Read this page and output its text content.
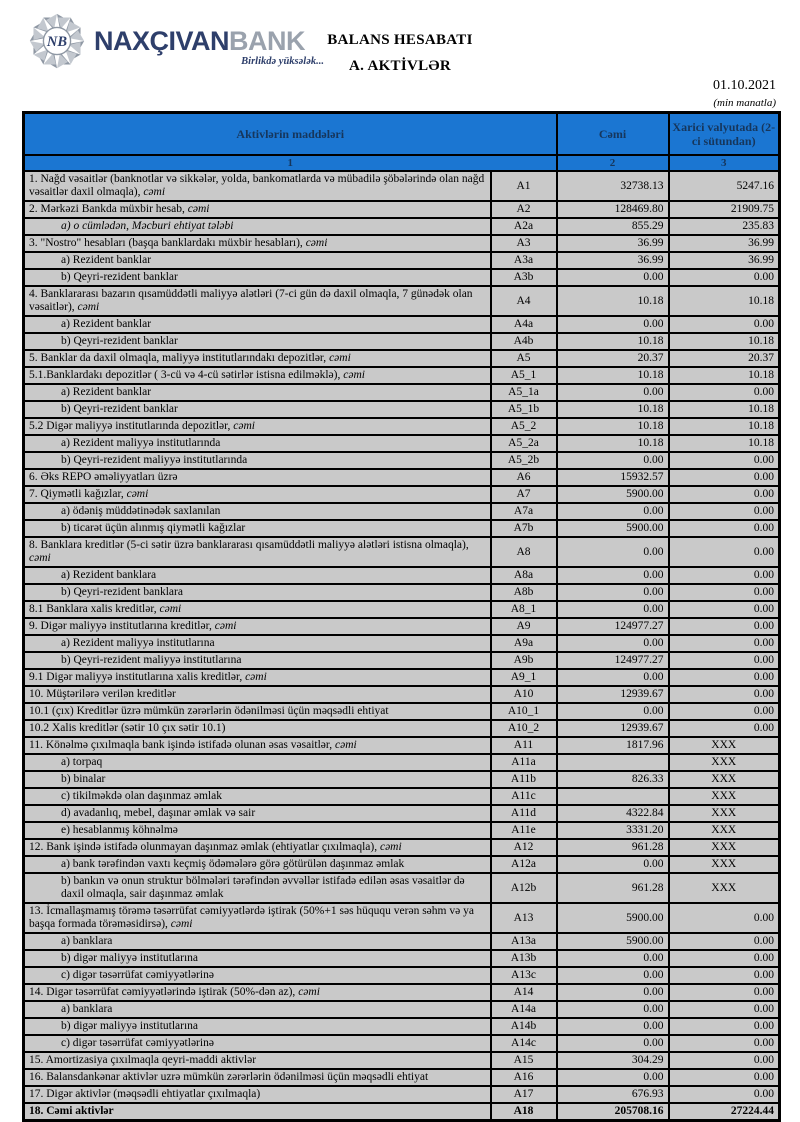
NB NAXÇIVANBANK
Birlikdə yüksələk...
BALANS HESABATI
A. AKTİVLƏR
01.10.2021
(min manatla)
Aktivlərin maddələri		Cəmi	Xarici valyutada (2-ci sütundan)
1		2	3
1. Nağd vəsaitlər (banknotlar və sikkələr, yolda, bankomatlarda və mübadilə şöbələrində olan nağd vəsaitlər daxil olmaqla), cəmi	A1	32738.13	5247.16
2. Mərkəzi Bankda müxbir hesab, cəmi	A2	128469.80	21909.75
a) o cümlədən, Məcburi ehtiyat tələbi	A2a	855.29	235.83
3. "Nostro" hesabları (başqa banklardakı müxbir hesabları), cəmi	A3	36.99	36.99
a) Rezident banklar	A3a	36.99	36.99
b) Qeyri-rezident banklar	A3b	0.00	0.00
4. Banklararası bazarın qısamüddətli maliyyə alətləri (7-ci gün də daxil olmaqla, 7 günədək olan vəsaitlər), cəmi	A4	10.18	10.18
a) Rezident banklar	A4a	0.00	0.00
b) Qeyri-rezident banklar	A4b	10.18	10.18
5. Banklar da daxil olmaqla, maliyyə institutlarındakı depozitlər, cəmi	A5	20.37	20.37
5.1.Banklardakı depozitlər ( 3-cü və 4-cü sətirlər istisna edilməklə), cəmi	A5_1	10.18	10.18
a) Rezident banklar	A5_1a	0.00	0.00
b) Qeyri-rezident banklar	A5_1b	10.18	10.18
5.2 Digər maliyyə institutlarında depozitlər, cəmi	A5_2	10.18	10.18
a) Rezident maliyyə institutlarında	A5_2a	10.18	10.18
b) Qeyri-rezident maliyyə institutlarında	A5_2b	0.00	0.00
6. Əks REPO əməliyyatları üzrə	A6	15932.57	0.00
7. Qiymətli kağızlar, cəmi	A7	5900.00	0.00
a) ödəniş müddətinədək saxlanılan	A7a	0.00	0.00
b) ticarət üçün alınmış qiymətli kağızlar	A7b	5900.00	0.00
8. Banklara kreditlər (5-ci sətir üzrə banklararası qısamüddətli maliyyə alətləri istisna olmaqla), cəmi	A8	0.00	0.00
a) Rezident banklara	A8a	0.00	0.00
b) Qeyri-rezident banklara	A8b	0.00	0.00
8.1 Banklara xalis kreditlər, cəmi	A8_1	0.00	0.00
9. Digər maliyyə institutlarına kreditlər, cəmi	A9	124977.27	0.00
a) Rezident maliyyə institutlarına	A9a	0.00	0.00
b) Qeyri-rezident maliyyə institutlarına	A9b	124977.27	0.00
9.1 Digər maliyyə institutlarına xalis kreditlər, cəmi	A9_1	0.00	0.00
10. Müştərilərə verilən kreditlər	A10	12939.67	0.00
10.1 (çıx) Kreditlər üzrə mümkün zərərlərin ödənilməsi üçün məqsədli ehtiyat	A10_1	0.00	0.00
10.2 Xalis kreditlər (sətir 10 çıx sətir 10.1)	A10_2	12939.67	0.00
11. Könəlmə çıxılmaqla bank işində istifadə olunan əsas vəsaitlər, cəmi	A11	1817.96	XXX
a) torpaq	A11a		XXX
b) binalar	A11b	826.33	XXX
c) tikilməkdə olan daşınmaz əmlak	A11c		XXX
d) avadanlıq, mebel, daşınar əmlak və sair	A11d	4322.84	XXX
e) hesablanmış köhnəlmə	A11e	3331.20	XXX
12. Bank işində istifadə olunmayan daşınmaz əmlak (ehtiyatlar çıxılmaqla), cəmi	A12	961.28	XXX
a) bank tərəfindən vaxtı keçmiş ödəmələrə görə götürülən daşınmaz əmlak	A12a	0.00	XXX
b) bankın və onun struktur bölmələri tərəfindən əvvəllər istifadə edilən əsas vəsaitlər də daxil olmaqla, sair daşınmaz əmlak	A12b	961.28	XXX
13. İcmallaşmamış törəmə təsərrüfat cəmiyyətlərdə iştirak (50%+1 səs hüququ verən səhm və ya başqa formada törəməsidirsə), cəmi	A13	5900.00	0.00
a) banklara	A13a	5900.00	0.00
b) digər maliyyə institutlarına	A13b	0.00	0.00
c) digər təsərrüfat cəmiyyətlərinə	A13c	0.00	0.00
14. Digər təsərrüfat cəmiyyətlərində iştirak (50%-dən az), cəmi	A14	0.00	0.00
a) banklara	A14a	0.00	0.00
b) digər maliyyə institutlarına	A14b	0.00	0.00
c) digər təsərrüfat cəmiyyətlərinə	A14c	0.00	0.00
15. Amortizasiya çıxılmaqla qeyri-maddi aktivlər	A15	304.29	0.00
16. Balansdankənar aktivlər uzrə mümkün zərərlərin ödənilməsi üçün məqsədli ehtiyat	A16	0.00	0.00
17. Digər aktivlər (məqsədli ehtiyatlar çıxılmaqla)	A17	676.93	0.00
18. Cəmi aktivlər	A18	205708.16	27224.44
